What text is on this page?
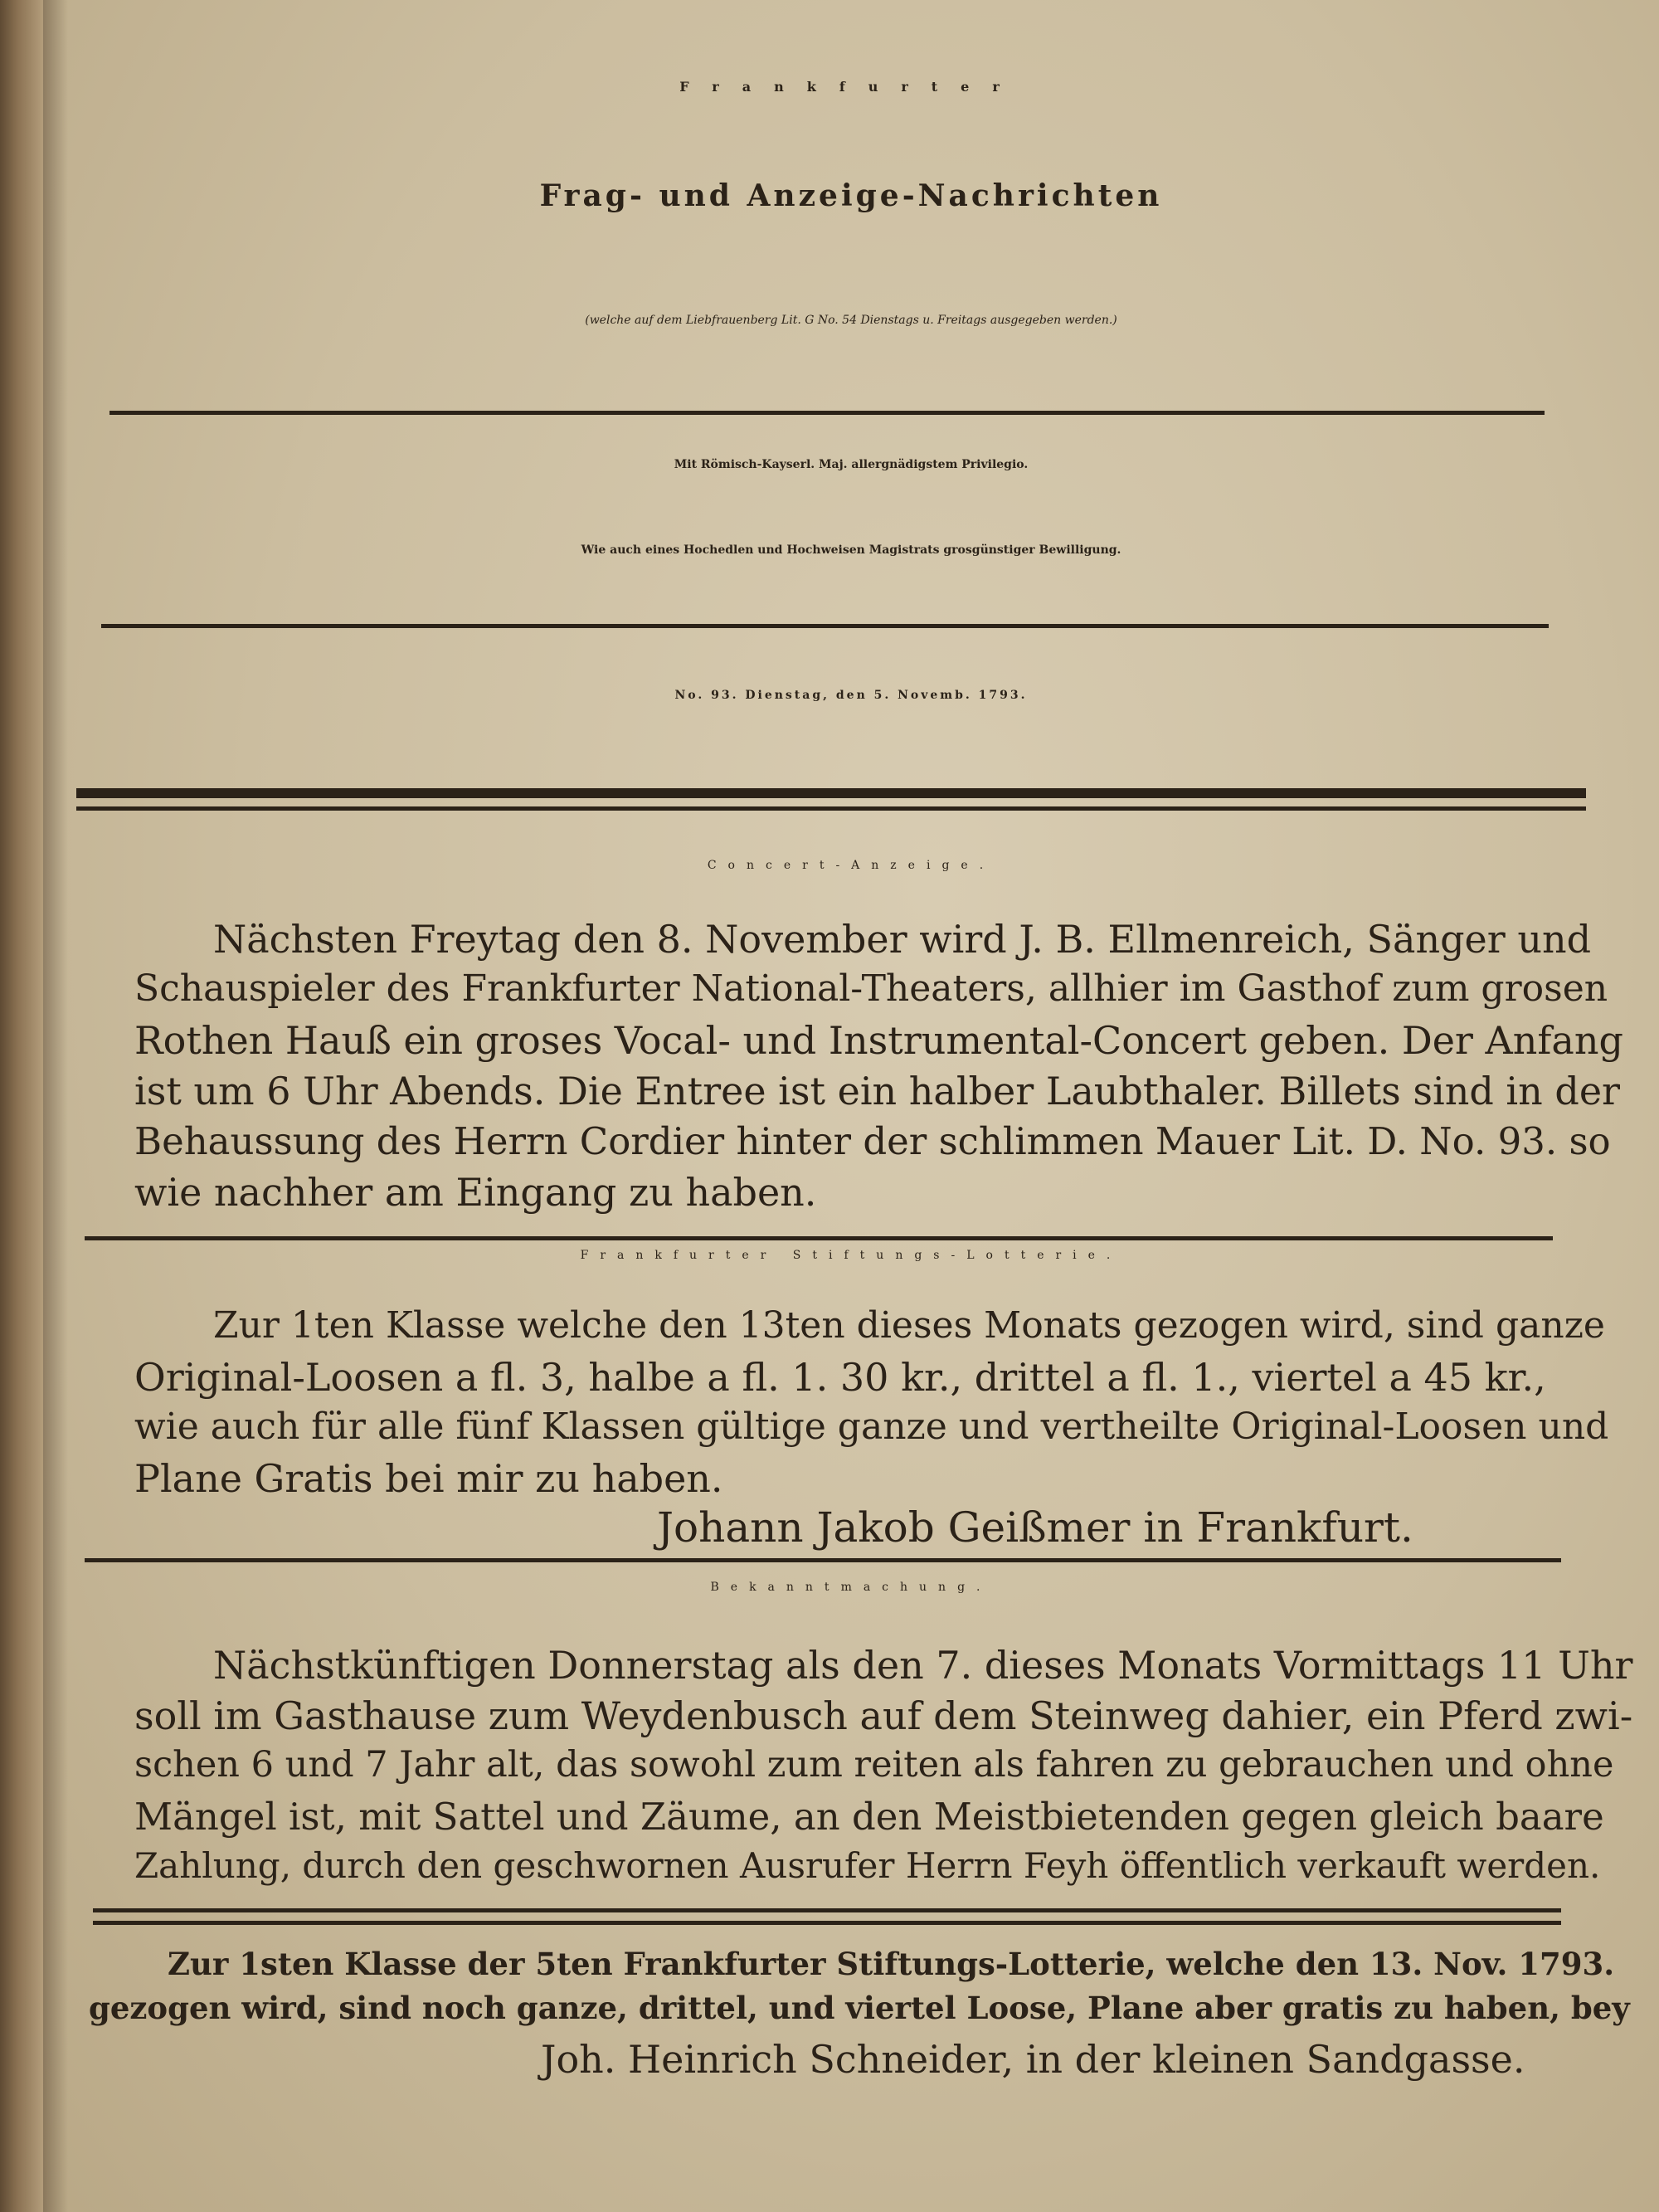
Frankfurter
Frag- und Anzeige-Nachrichten
(welche auf dem Liebfrauenberg Lit. G No. 54 Dienstags u. Freitags ausgegeben werden.)
Mit Römisch-Kayserl. Maj. allergnädigstem Privilegio.
Wie auch eines Hochedlen und Hochweisen Magistrats grosgünstiger Bewilligung.
No. 93. Dienstag, den 5. Novemb. 1793.
Concert-Anzeige.
Nächsten Freytag den 8. November wird J. B. Ellmenreich, Sänger und
Schauspieler des Frankfurter National-Theaters, allhier im Gasthof zum grosen
Rothen Hauß ein groses Vocal- und Instrumental-Concert geben. Der Anfang
ist um 6 Uhr Abends. Die Entree ist ein halber Laubthaler. Billets sind in der
Behaussung des Herrn Cordier hinter der schlimmen Mauer Lit. D. No. 93. so
wie nachher am Eingang zu haben.
Frankfurter Stiftungs-Lotterie.
Zur 1ten Klasse welche den 13ten dieses Monats gezogen wird, sind ganze
Original-Loosen a fl. 3, halbe a fl. 1. 30 kr., drittel a fl. 1., viertel a 45 kr.,
wie auch für alle fünf Klassen gültige ganze und vertheilte Original-Loosen und
Plane Gratis bei mir zu haben.
Johann Jakob Geißmer in Frankfurt.
Bekanntmachung.
Nächstkünftigen Donnerstag als den 7. dieses Monats Vormittags 11 Uhr
soll im Gasthause zum Weydenbusch auf dem Steinweg dahier, ein Pferd zwi-
schen 6 und 7 Jahr alt, das sowohl zum reiten als fahren zu gebrauchen und ohne
Mängel ist, mit Sattel und Zäume, an den Meistbietenden gegen gleich baare
Zahlung, durch den geschwornen Ausrufer Herrn Feyh öffentlich verkauft werden.
Zur 1sten Klasse der 5ten Frankfurter Stiftungs-Lotterie, welche den 13. Nov. 1793.
gezogen wird, sind noch ganze, drittel, und viertel Loose, Plane aber gratis zu haben, bey
Joh. Heinrich Schneider, in der kleinen Sandgasse.
